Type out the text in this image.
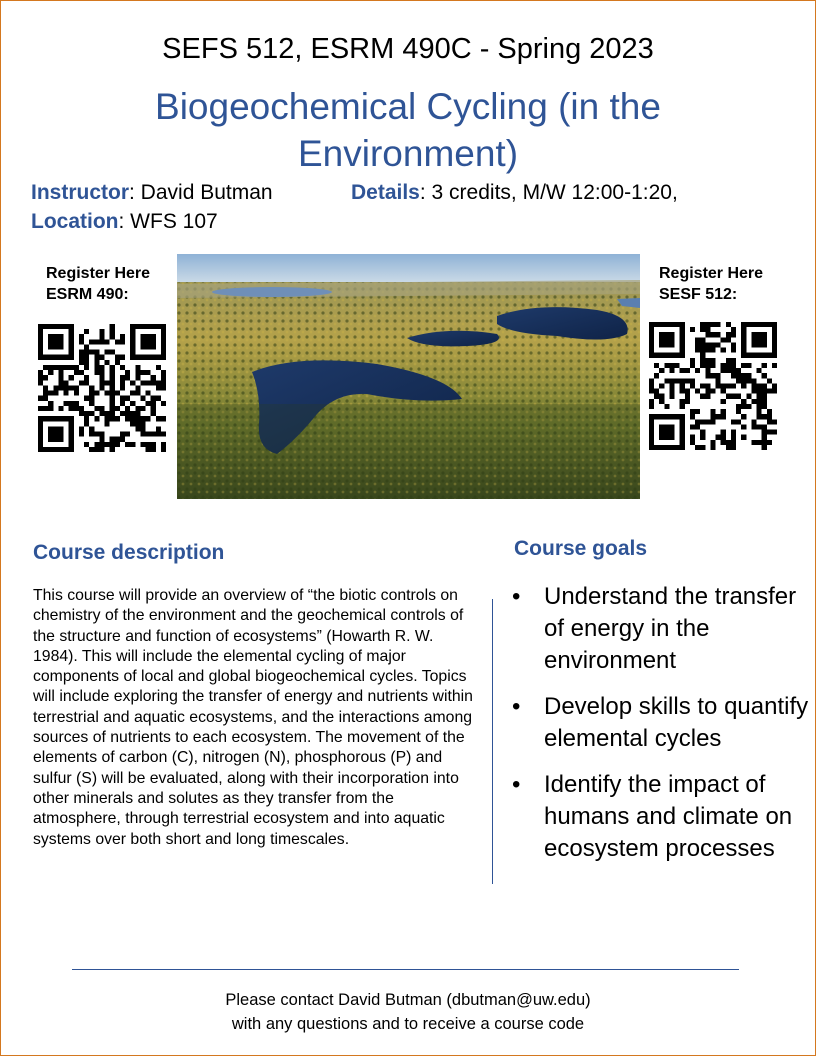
SEFS 512, ESRM 490C - Spring 2023
Biogeochemical Cycling (in the Environment)
Instructor: David Butman	Details: 3 credits, M/W 12:00-1:20,
Location: WFS 107
Register Here
ESRM 490:
Register Here
SESF 512:
Course description
This course will provide an overview of “the biotic controls on chemistry of the environment and the geochemical controls of the structure and function of ecosystems” (Howarth R. W. 1984). This will include the elemental cycling of major components of local and global biogeochemical cycles. Topics will include exploring the transfer of energy and nutrients within terrestrial and aquatic ecosystems, and the interactions among sources of nutrients to each ecosystem. The movement of the elements of carbon (C), nitrogen (N), phosphorous (P) and sulfur (S) will be evaluated, along with their incorporation into other minerals and solutes as they transfer from the atmosphere, through terrestrial ecosystem and into aquatic systems over both short and long timescales.
Course goals
• Understand the transfer of energy in the environment
• Develop skills to quantify elemental cycles
• Identify the impact of humans and climate on ecosystem processes
Please contact David Butman (dbutman@uw.edu)
with any questions and to receive a course code
